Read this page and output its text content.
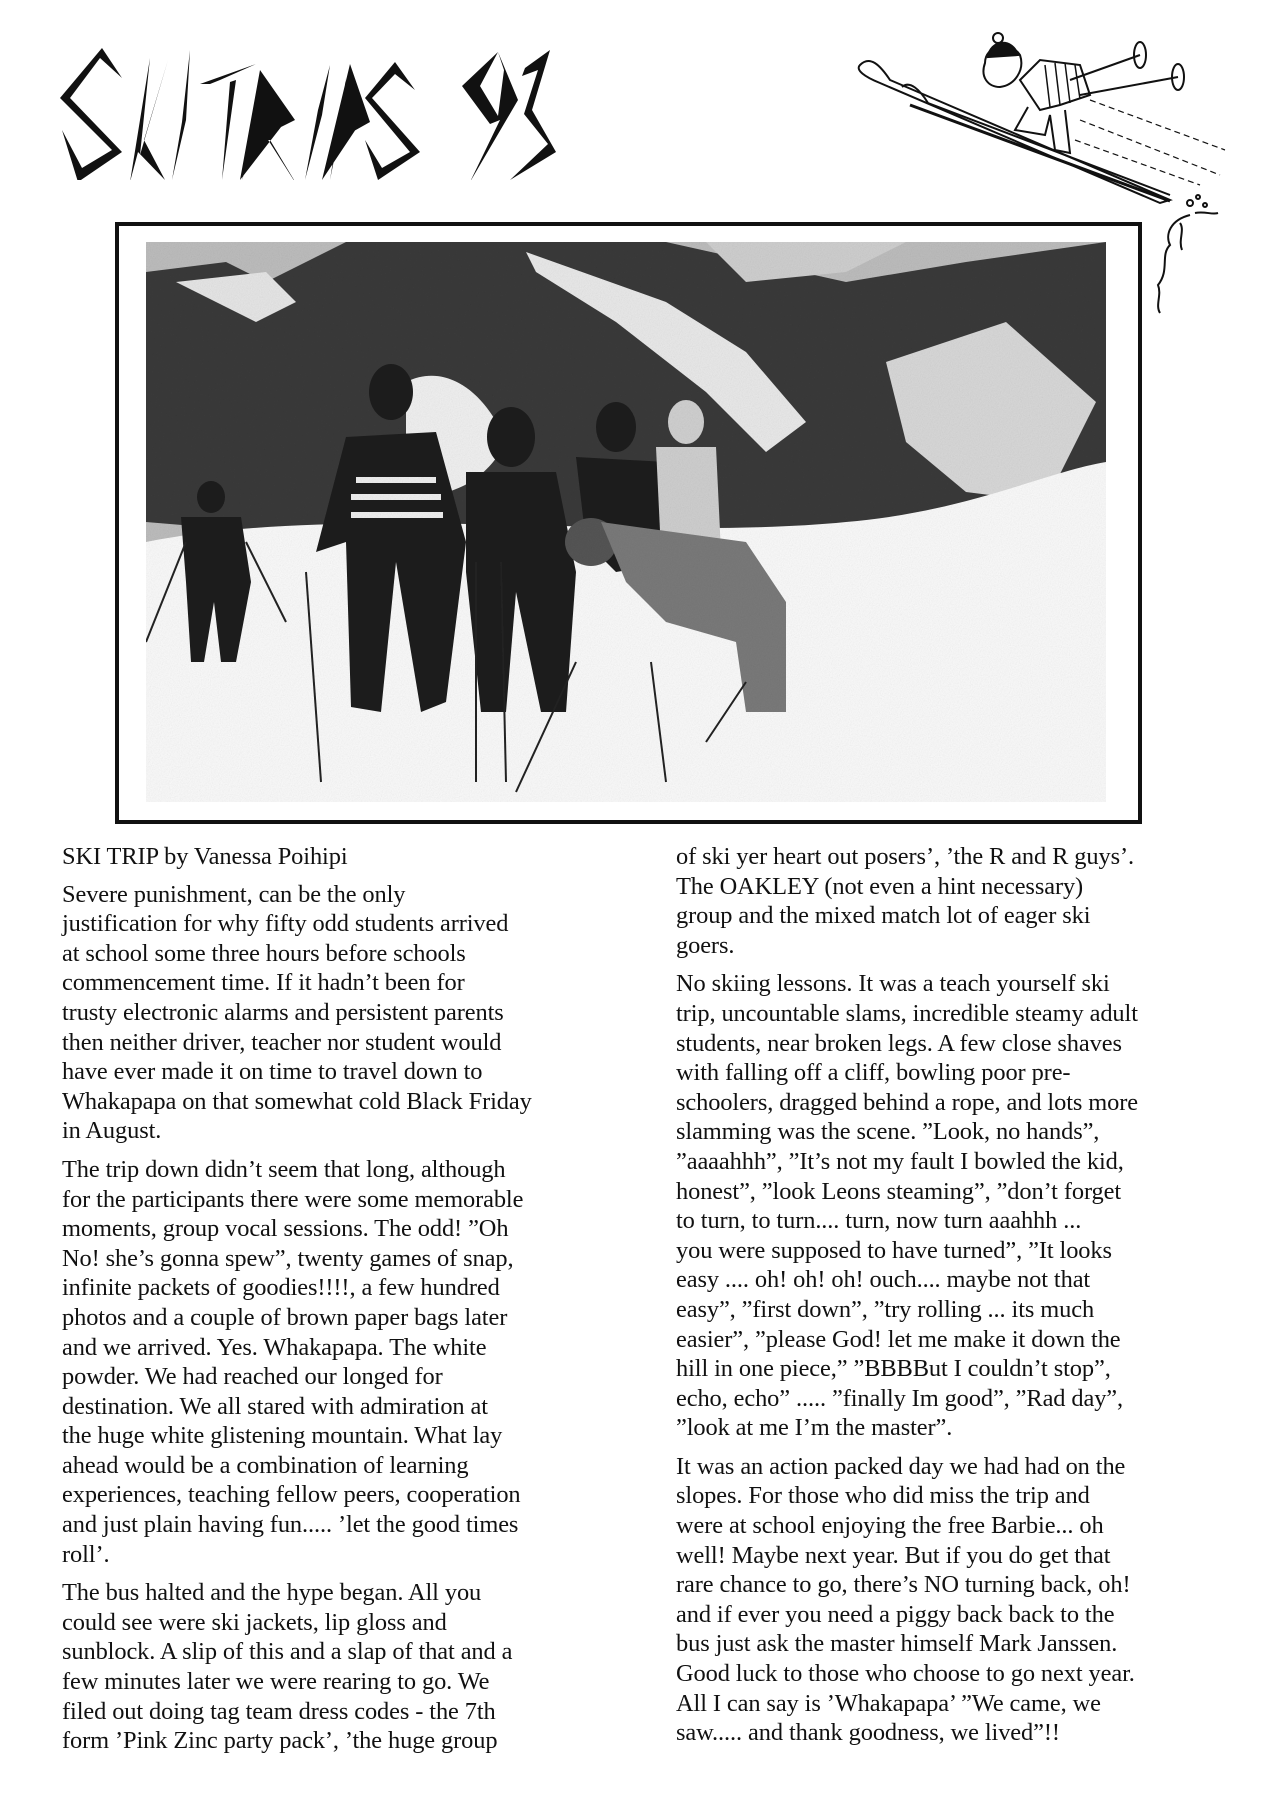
SKI TRIP by Vanessa Poihipi

Severe punishment, can be the only
justification for why fifty odd students arrived
at school some three hours before schools
commencement time. If it hadn’t been for
trusty electronic alarms and persistent parents
then neither driver, teacher nor student would
have ever made it on time to travel down to
Whakapapa on that somewhat cold Black Friday
in August.

The trip down didn’t seem that long, although
for the participants there were some memorable
moments, group vocal sessions. The odd! ”Oh
No! she’s gonna spew”, twenty games of snap,
infinite packets of goodies!!!!, a few hundred
photos and a couple of brown paper bags later
and we arrived. Yes. Whakapapa. The white
powder. We had reached our longed for
destination. We all stared with admiration at
the huge white glistening mountain. What lay
ahead would be a combination of learning
experiences, teaching fellow peers, cooperation
and just plain having fun..... ’let the good times
roll’.

The bus halted and the hype began. All you
could see were ski jackets, lip gloss and
sunblock. A slip of this and a slap of that and a
few minutes later we were rearing to go. We
filed out doing tag team dress codes - the 7th
form ’Pink Zinc party pack’, ’the huge group

of ski yer heart out posers’, ’the R and R guys’.
The OAKLEY (not even a hint necessary)
group and the mixed match lot of eager ski
goers.

No skiing lessons. It was a teach yourself ski
trip, uncountable slams, incredible steamy adult
students, near broken legs. A few close shaves
with falling off a cliff, bowling poor pre-
schoolers, dragged behind a rope, and lots more
slamming was the scene. ”Look, no hands”,
”aaaahhh”, ”It’s not my fault I bowled the kid,
honest”, ”look Leons steaming”, ”don’t forget
to turn, to turn.... turn, now turn aaahhh ...
you were supposed to have turned”, ”It looks
easy .... oh! oh! oh! ouch.... maybe not that
easy”, ”first down”, ”try rolling ... its much
easier”, ”please God! let me make it down the
hill in one piece,” ”BBBBut I couldn’t stop”,
echo, echo” ..... ”finally Im good”, ”Rad day”,
”look at me I’m the master”.

It was an action packed day we had had on the
slopes. For those who did miss the trip and
were at school enjoying the free Barbie... oh
well! Maybe next year. But if you do get that
rare chance to go, there’s NO turning back, oh!
and if ever you need a piggy back back to the
bus just ask the master himself Mark Janssen.
Good luck to those who choose to go next year.
All I can say is ’Whakapapa’ ”We came, we
saw..... and thank goodness, we lived”!!
